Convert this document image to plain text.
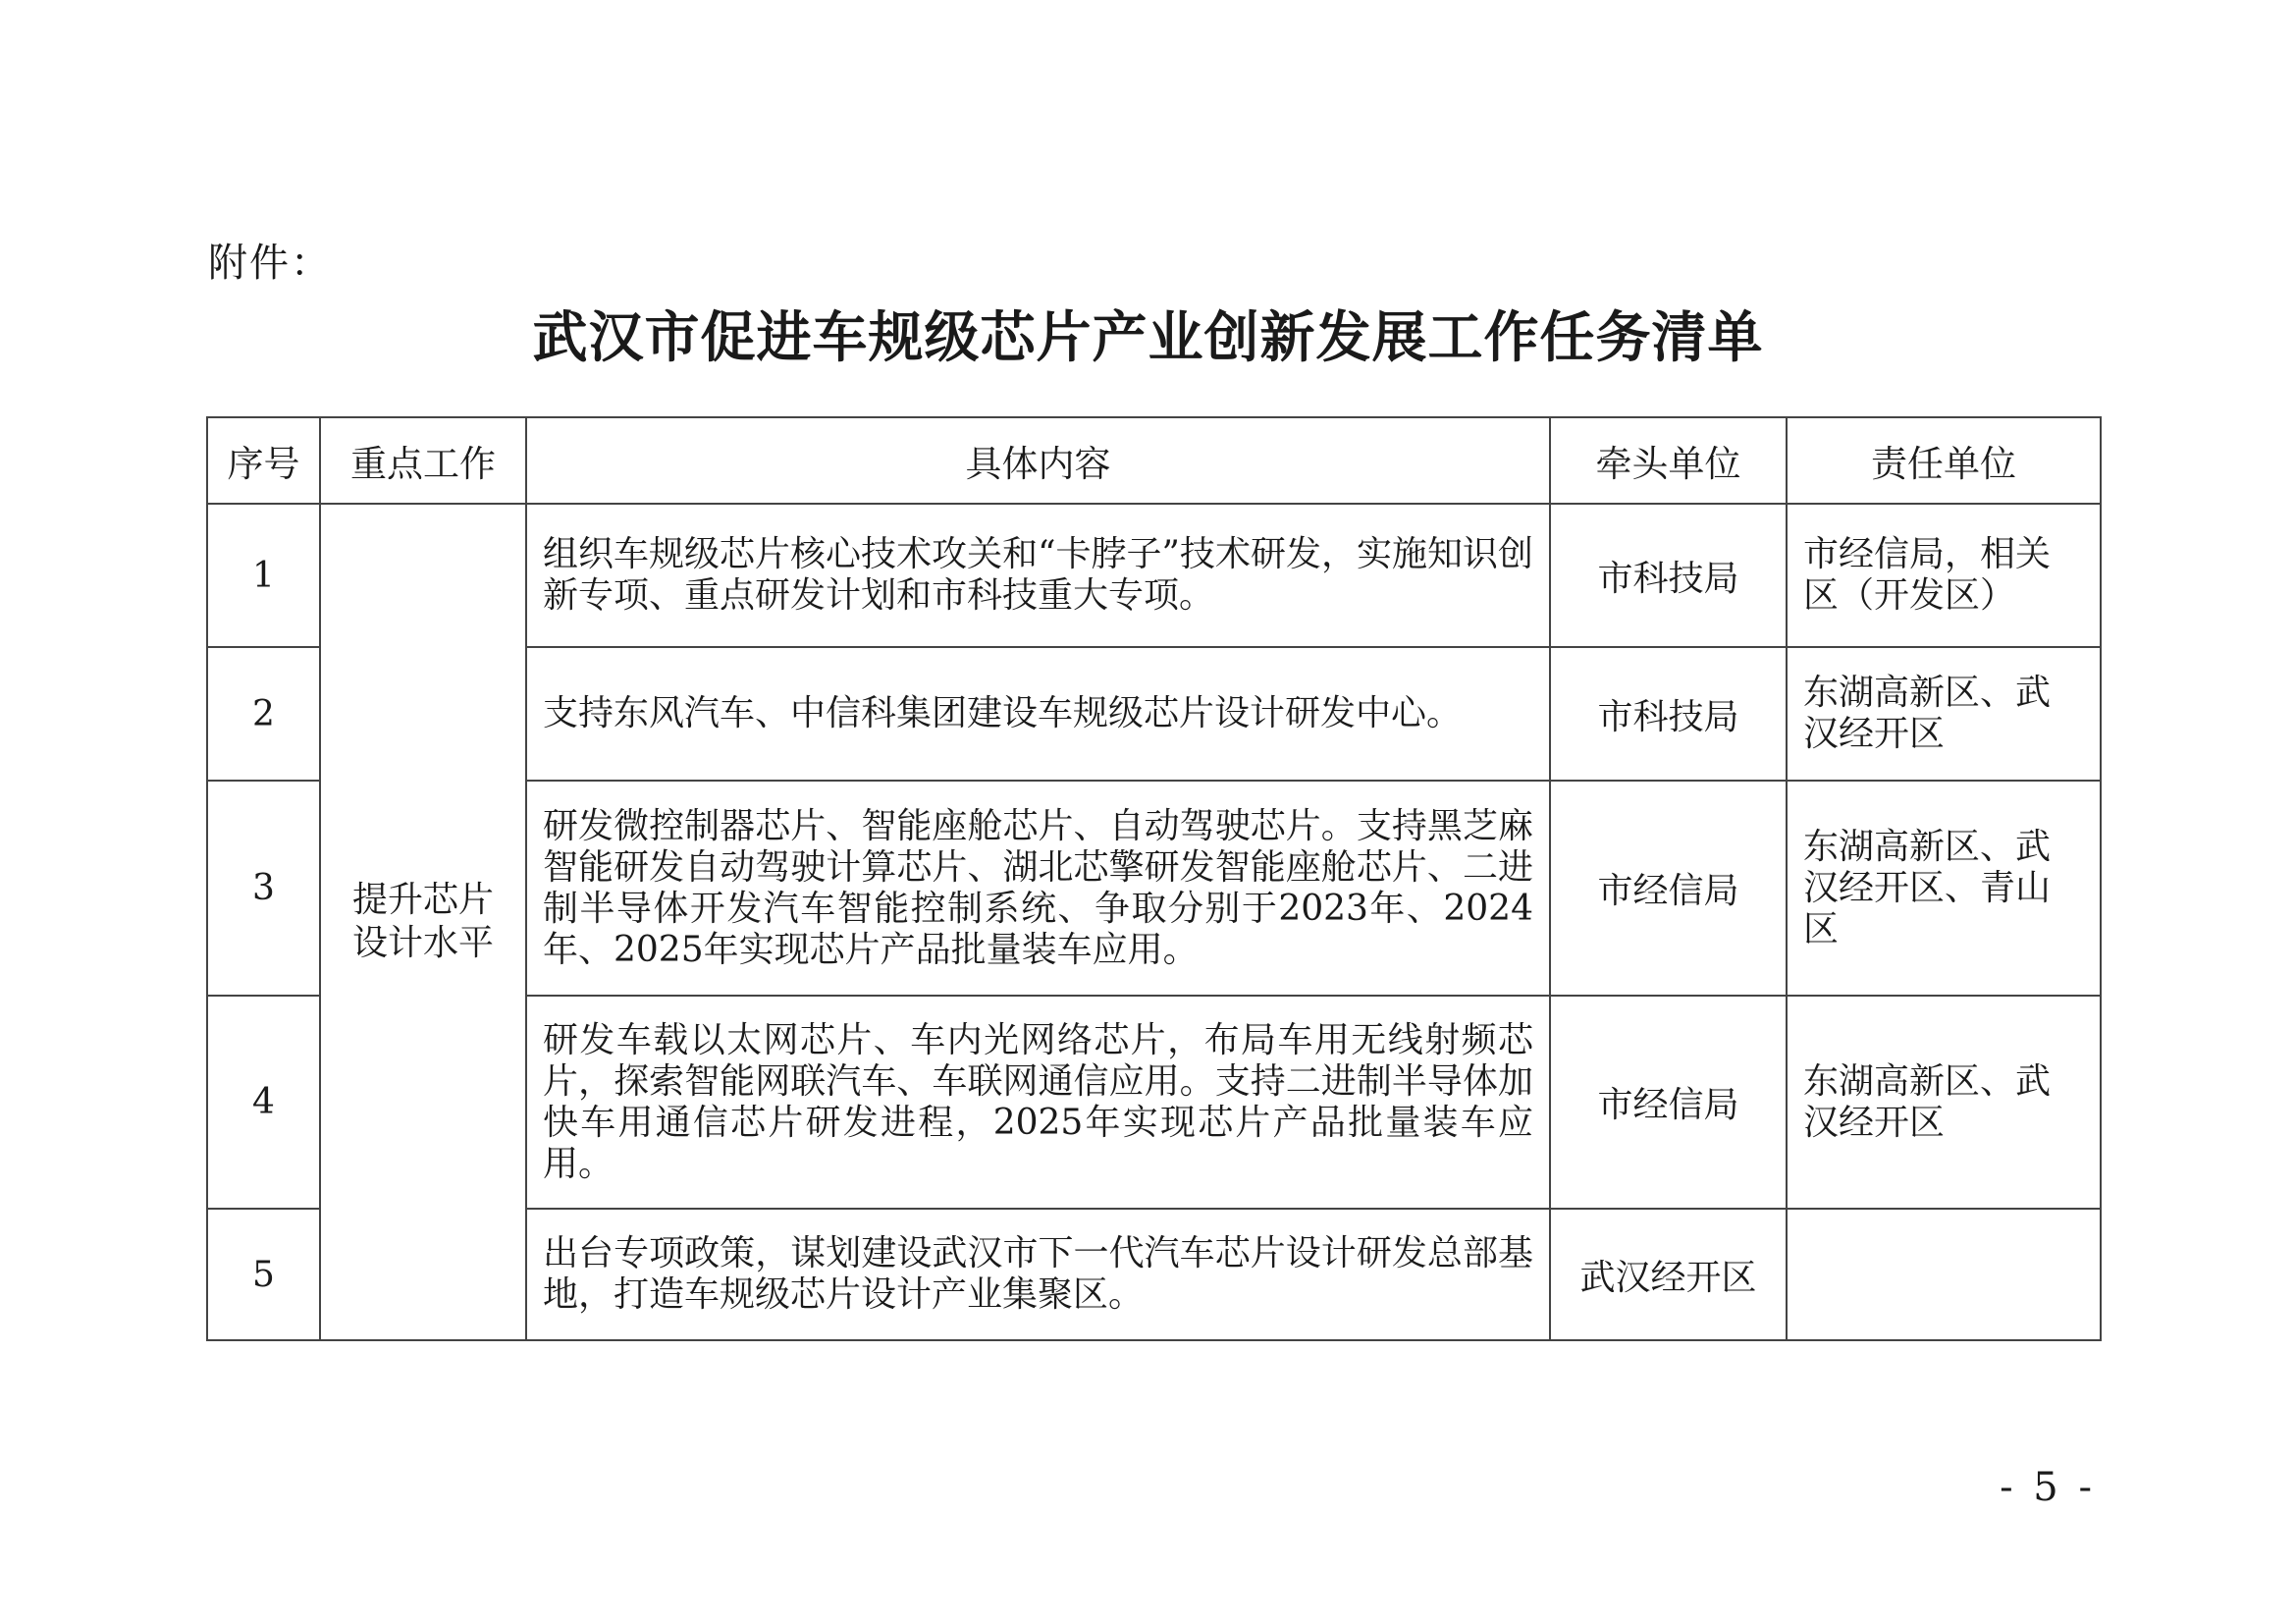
附件：
武汉市促进车规级芯片产业创新发展工作任务清单
序号	重点工作	具体内容	牵头单位	责任单位
1	提升芯片设计水平	组织车规级芯片核心技术攻关和“卡脖子”技术研发，实施知识创新专项、重点研发计划和市科技重大专项。	市科技局	市经信局，相关区（开发区）
2		支持东风汽车、中信科集团建设车规级芯片设计研发中心。	市科技局	东湖高新区、武汉经开区
3		研发微控制器芯片、智能座舱芯片、自动驾驶芯片。支持黑芝麻智能研发自动驾驶计算芯片、湖北芯擎研发智能座舱芯片、二进制半导体开发汽车智能控制系统、争取分别于2023年、2024年、2025年实现芯片产品批量装车应用。	市经信局	东湖高新区、武汉经开区、青山区
4		研发车载以太网芯片、车内光网络芯片，布局车用无线射频芯片，探索智能网联汽车、车联网通信应用。支持二进制半导体加快车用通信芯片研发进程，2025年实现芯片产品批量装车应用。	市经信局	东湖高新区、武汉经开区
5		出台专项政策，谋划建设武汉市下一代汽车芯片设计研发总部基地，打造车规级芯片设计产业集聚区。	武汉经开区	
- 5 -
